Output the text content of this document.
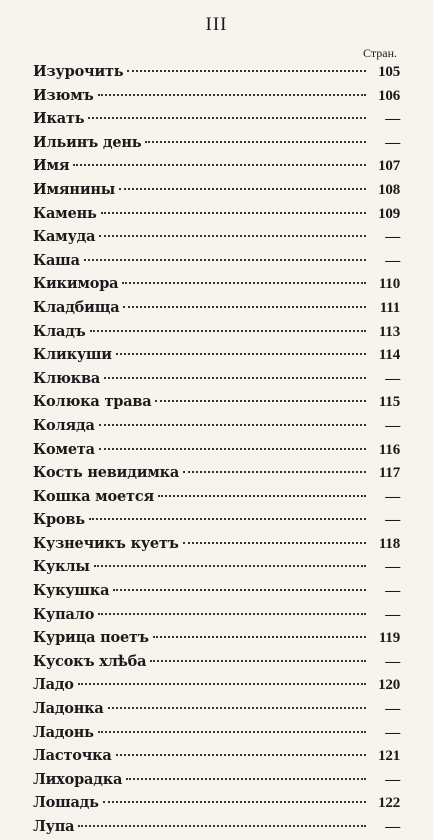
III
Стран.
Изурочить	105
Изюмъ	106
Икать	—
Ильинъ день	—
Имя	107
Имянины	108
Камень	109
Камуда	—
Каша	—
Кикимора	110
Кладбища	111
Кладъ	113
Кликуши	114
Клюква	—
Колюка трава	115
Коляда	—
Комета	116
Кость невидимка	117
Кошка моется	—
Кровь	—
Кузнечикъ куетъ	118
Куклы	—
Кукушка	—
Купало	—
Курица поетъ	119
Кусокъ хлѣба	—
Ладо	120
Ладонка	—
Ладонь	—
Ласточка	121
Лихорадка	—
Лошадь	122
Лупа	—
